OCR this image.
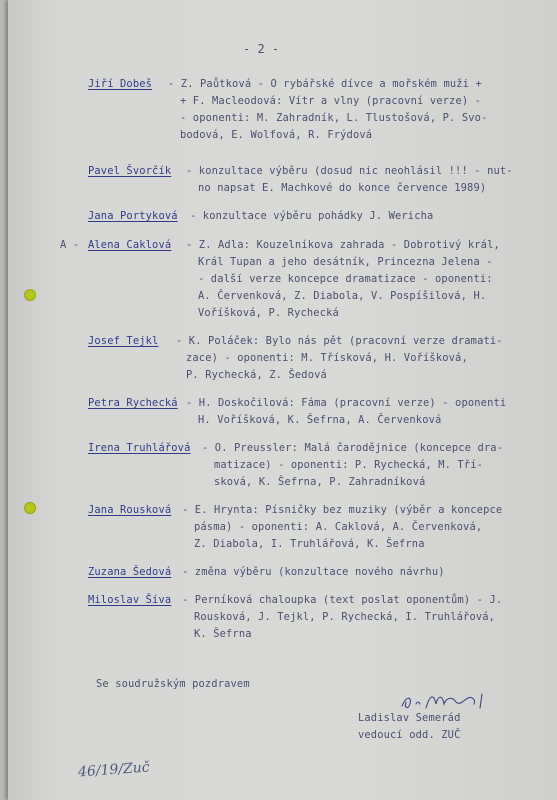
- 2 -
Jiří Dobeš - Z. Paůtková - O rybářské dívce a mořském muži +
+ F. Macleodová: Vítr a vlny (pracovní verze) -
- oponenti: M. Zahradník, L. Tlustošová, P. Svo-
bodová, E. Wolfová, R. Frýdová
Pavel Švorčík - konzultace výběru (dosud nic neohlásil !!! - nut-
no napsat E. Machkové do konce července 1989)
Jana Portyková - konzultace výběru pohádky J. Wericha
A - Alena Caklová - Z. Adla: Kouzelníkova zahrada - Dobrotivý král,
Král Tupan a jeho desátník, Princezna Jelena -
- další verze koncepce dramatizace - oponenti:
A. Červenková, Z. Diabola, V. Pospíšilová, H.
Voříšková, P. Rychecká
Josef Tejkl - K. Poláček: Bylo nás pět (pracovní verze dramati-
zace) - oponenti: M. Třísková, H. Voříšková,
P. Rychecká, Z. Šedová
Petra Rychecká - H. Doskočilová: Fáma (pracovní verze) - oponenti
H. Voříšková, K. Šefrna, A. Červenková
Irena Truhlářová - O. Preussler: Malá čarodějnice (koncepce dra-
matizace) - oponenti: P. Rychecká, M. Tří-
sková, K. Šefrna, P. Zahradníková
Jana Rousková - E. Hrynta: Písničky bez muziky (výběr a koncepce
pásma) - oponenti: A. Caklová, A. Červenková,
Z. Diabola, I. Truhlářová, K. Šefrna
Zuzana Šedová - změna výběru (konzultace nového návrhu)
Miloslav Šíva - Perníková chaloupka (text poslat oponentům) - J.
Rousková, J. Tejkl, P. Rychecká, I. Truhlářová,
K. Šefrna
Se soudružským pozdravem
Ladislav Semerád
vedoucí odd. ZUČ
46/19/Zuč
